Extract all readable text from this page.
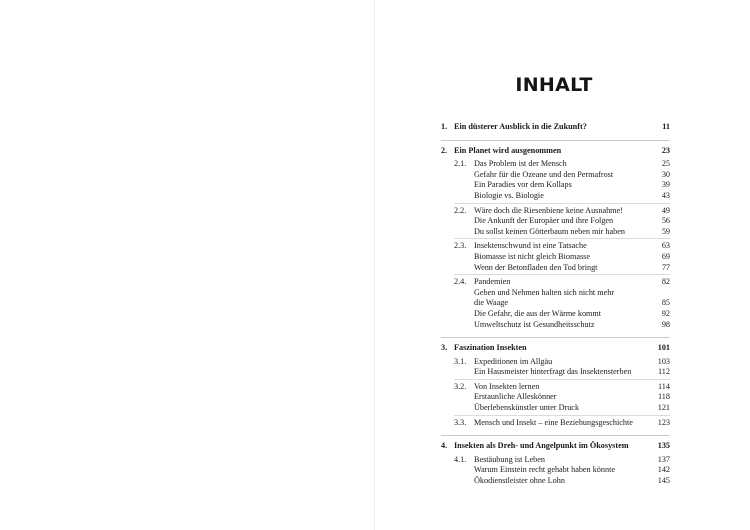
INHALT
1. Ein düsterer Ausblick in die Zukunft?	11
2. Ein Planet wird ausgenommen	23
2.1. Das Problem ist der Mensch	25
Gefahr für die Ozeane und den Permafrost	30
Ein Paradies vor dem Kollaps	39
Biologie vs. Biologie	43
2.2. Wäre doch die Riesenbiene keine Ausnahme!	49
Die Ankunft der Europäer und ihre Folgen	56
Du sollst keinen Götterbaum neben mir haben	59
2.3. Insektenschwund ist eine Tatsache	63
Biomasse ist nicht gleich Biomasse	69
Wenn der Betonfladen den Tod bringt	77
2.4. Pandemien	82
Geben und Nehmen halten sich nicht mehr
die Waage	85
Die Gefahr, die aus der Wärme kommt	92
Umweltschutz ist Gesundheitsschutz	98
3. Faszination Insekten	101
3.1. Expeditionen im Allgäu	103
Ein Hausmeister hinterfragt das Insektensterben	112
3.2. Von Insekten lernen	114
Erstaunliche Alleskönner	118
Überlebenskünstler unter Druck	121
3.3. Mensch und Insekt – eine Beziehungsgeschichte	123
4. Insekten als Dreh- und Angelpunkt im Ökosystem	135
4.1. Bestäubung ist Leben	137
Warum Einstein recht gehabt haben könnte	142
Ökodienstleister ohne Lohn	145
